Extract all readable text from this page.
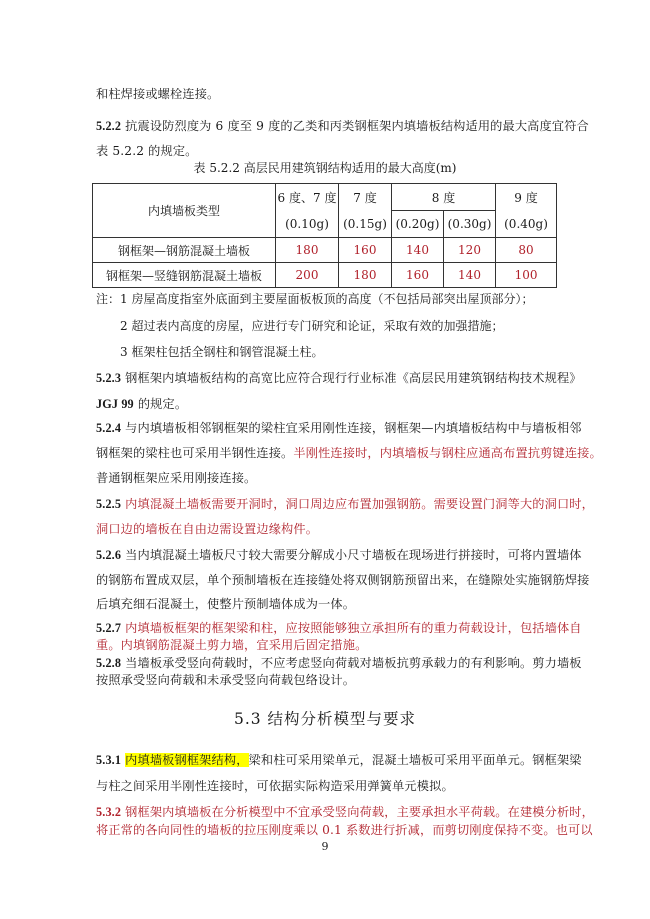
和柱焊接或螺栓连接。
5.2.2 抗震设防烈度为 6 度至 9 度的乙类和丙类钢框架内填墙板结构适用的最大高度宜符合
表 5.2.2 的规定。
表 5.2.2 高层民用建筑钢结构适用的最大高度(m)
内填墙板类型	6 度、7 度	7 度	8 度		9 度
	(0.10g)	(0.15g)	(0.20g)	(0.30g)	(0.40g)
钢框架—钢筋混凝土墙板	180	160	140	120	80
钢框架—竖缝钢筋混凝土墙板	200	180	160	140	100
注：1 房屋高度指室外底面到主要屋面板板顶的高度（不包括局部突出屋顶部分）；
2 超过表内高度的房屋，应进行专门研究和论证，采取有效的加强措施；
3 框架柱包括全钢柱和钢管混凝土柱。
5.2.3 钢框架内填墙板结构的高宽比应符合现行行业标准《高层民用建筑钢结构技术规程》
JGJ 99 的规定。
5.2.4 与内填墙板相邻钢框架的梁柱宜采用刚性连接，钢框架—内填墙板结构中与墙板相邻
钢框架的梁柱也可采用半钢性连接。半刚性连接时，内填墙板与钢柱应通高布置抗剪键连接。
普通钢框架应采用刚接连接。
5.2.5 内填混凝土墙板需要开洞时，洞口周边应布置加强钢筋。需要设置门洞等大的洞口时，
洞口边的墙板在自由边需设置边缘构件。
5.2.6 当内填混凝土墙板尺寸较大需要分解成小尺寸墙板在现场进行拼接时，可将内置墙体
的钢筋布置成双层，单个预制墙板在连接缝处将双侧钢筋预留出来，在缝隙处实施钢筋焊接
后填充细石混凝土，使整片预制墙体成为一体。
5.2.7 内填墙板框架的框架梁和柱，应按照能够独立承担所有的重力荷载设计，包括墙体自
重。内填钢筋混凝土剪力墙，宜采用后固定措施。
5.2.8 当墙板承受竖向荷载时，不应考虑竖向荷载对墙板抗剪承载力的有利影响。剪力墙板
按照承受竖向荷载和未承受竖向荷载包络设计。
5.3 结构分析模型与要求
5.3.1 内填墙板钢框架结构，梁和柱可采用梁单元，混凝土墙板可采用平面单元。钢框架梁
与柱之间采用半刚性连接时，可依据实际构造采用弹簧单元模拟。
5.3.2 钢框架内填墙板在分析模型中不宜承受竖向荷载，主要承担水平荷载。在建模分析时，
将正常的各向同性的墙板的拉压刚度乘以 0.1 系数进行折减，而剪切刚度保持不变。也可以
9
